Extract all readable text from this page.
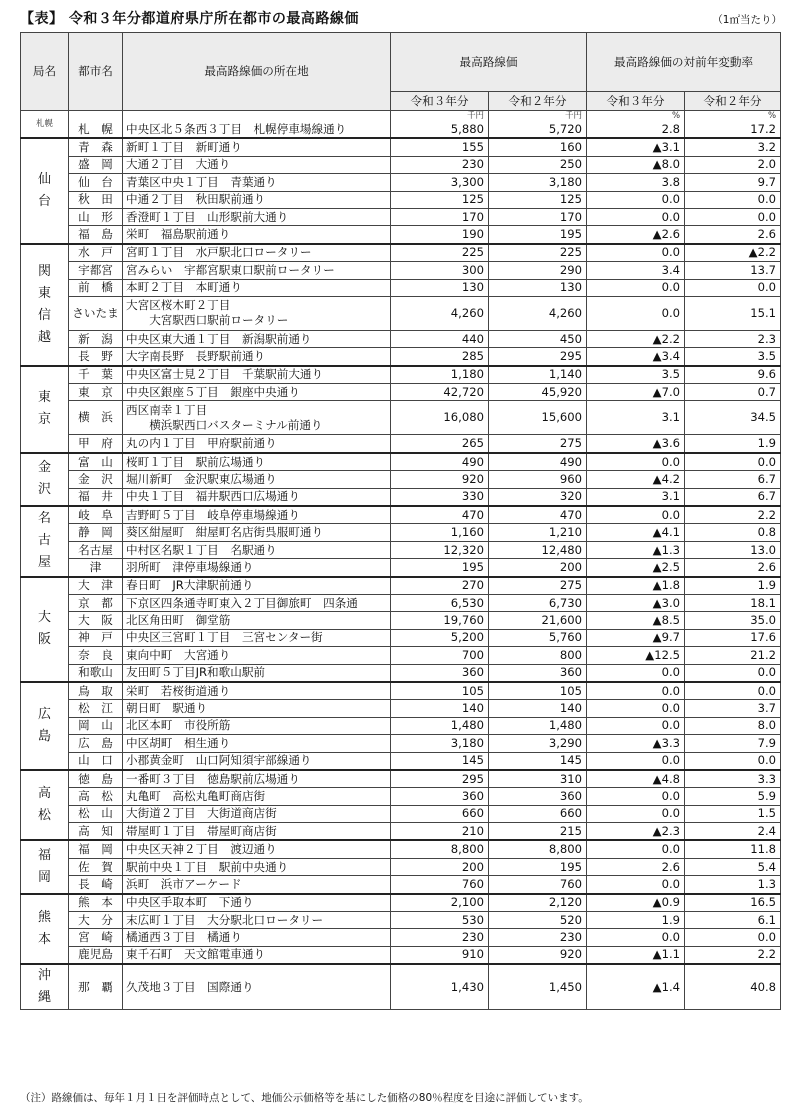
【表】 令和３年分都道府県庁所在都市の最高路線価	（1㎡当たり）
局名	都市名	最高路線価の所在地	最高路線価		最高路線価の対前年変動率	
			令和３年分	令和２年分	令和３年分	令和２年分
札幌			千円	千円	%	%
	札　幌	中央区北５条西３丁目　札幌停車場線通り	5,880	5,720	2.8	17.2
仙台	青　森	新町１丁目　新町通り	155	160	▲3.1	3.2
	盛　岡	大通２丁目　大通り	230	250	▲8.0	2.0
	仙　台	青葉区中央１丁目　青葉通り	3,300	3,180	3.8	9.7
	秋　田	中通２丁目　秋田駅前通り	125	125	0.0	0.0
	山　形	香澄町１丁目　山形駅前大通り	170	170	0.0	0.0
	福　島	栄町　福島駅前通り	190	195	▲2.6	2.6
関東信越	水　戸	宮町１丁目　水戸駅北口ロータリー	225	225	0.0	▲2.2
	宇都宮	宮みらい　宇都宮駅東口駅前ロータリー	300	290	3.4	13.7
	前　橋	本町２丁目　本町通り	130	130	0.0	0.0
	さいたま	大宮区桜木町２丁目
　　大宮駅西口駅前ロータリー	4,260	4,260	0.0	15.1
	新　潟	中央区東大通１丁目　新潟駅前通り	440	450	▲2.2	2.3
	長　野	大字南長野　長野駅前通り	285	295	▲3.4	3.5
東京	千　葉	中央区富士見２丁目　千葉駅前大通り	1,180	1,140	3.5	9.6
	東　京	中央区銀座５丁目　銀座中央通り	42,720	45,920	▲7.0	0.7
	横　浜	西区南幸１丁目
　　横浜駅西口バスターミナル前通り	16,080	15,600	3.1	34.5
	甲　府	丸の内１丁目　甲府駅前通り	265	275	▲3.6	1.9
金沢	富　山	桜町１丁目　駅前広場通り	490	490	0.0	0.0
	金　沢	堀川新町　金沢駅東広場通り	920	960	▲4.2	6.7
	福　井	中央１丁目　福井駅西口広場通り	330	320	3.1	6.7
名古屋	岐　阜	吉野町５丁目　岐阜停車場線通り	470	470	0.0	2.2
	静　岡	葵区紺屋町　紺屋町名店街呉服町通り	1,160	1,210	▲4.1	0.8
	名古屋	中村区名駅１丁目　名駅通り	12,320	12,480	▲1.3	13.0
	津	羽所町　津停車場線通り	195	200	▲2.5	2.6
大阪	大　津	春日町　JR大津駅前通り	270	275	▲1.8	1.9
	京　都	下京区四条通寺町東入２丁目御旅町　四条通	6,530	6,730	▲3.0	18.1
	大　阪	北区角田町　御堂筋	19,760	21,600	▲8.5	35.0
	神　戸	中央区三宮町１丁目　三宮センター街	5,200	5,760	▲9.7	17.6
	奈　良	東向中町　大宮通り	700	800	▲12.5	21.2
	和歌山	友田町５丁目JR和歌山駅前	360	360	0.0	0.0
広島	鳥　取	栄町　若桜街道通り	105	105	0.0	0.0
	松　江	朝日町　駅通り	140	140	0.0	3.7
	岡　山	北区本町　市役所筋	1,480	1,480	0.0	8.0
	広　島	中区胡町　相生通り	3,180	3,290	▲3.3	7.9
	山　口	小郡黄金町　山口阿知須宇部線通り	145	145	0.0	0.0
高松	徳　島	一番町３丁目　徳島駅前広場通り	295	310	▲4.8	3.3
	高　松	丸亀町　高松丸亀町商店街	360	360	0.0	5.9
	松　山	大街道２丁目　大街道商店街	660	660	0.0	1.5
	高　知	帯屋町１丁目　帯屋町商店街	210	215	▲2.3	2.4
福岡	福　岡	中央区天神２丁目　渡辺通り	8,800	8,800	0.0	11.8
	佐　賀	駅前中央１丁目　駅前中央通り	200	195	2.6	5.4
	長　崎	浜町　浜市アーケード	760	760	0.0	1.3
熊本	熊　本	中央区手取本町　下通り	2,100	2,120	▲0.9	16.5
	大　分	末広町１丁目　大分駅北口ロータリー	530	520	1.9	6.1
	宮　崎	橘通西３丁目　橘通り	230	230	0.0	0.0
	鹿児島	東千石町　天文館電車通り	910	920	▲1.1	2.2
沖縄	那　覇	久茂地３丁目　国際通り	1,430	1,450	▲1.4	40.8
（注）路線価は、毎年１月１日を評価時点として、地価公示価格等を基にした価格の80％程度を目途に評価しています。
